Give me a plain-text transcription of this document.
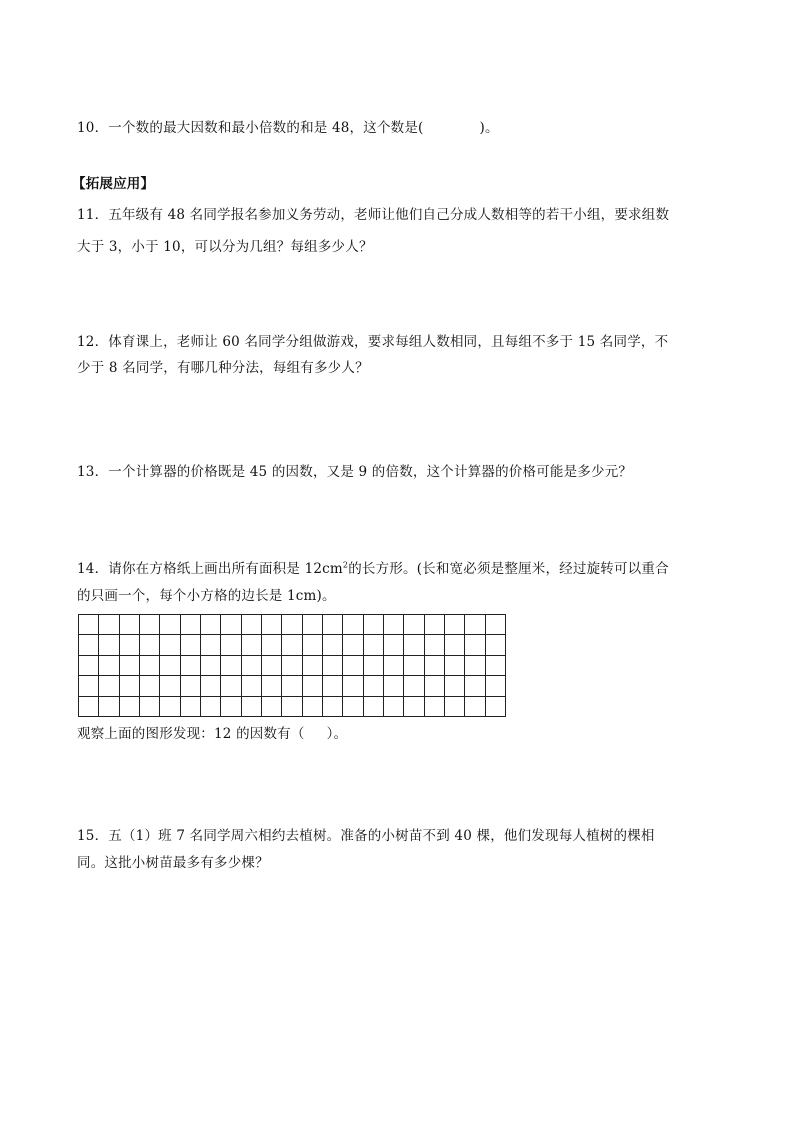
10．一个数的最大因数和最小倍数的和是 48，这个数是(	)。
【拓展应用】
11．五年级有 48 名同学报名参加义务劳动，老师让他们自己分成人数相等的若干小组，要求组数
大于 3，小于 10，可以分为几组？每组多少人？
12．体育课上，老师让 60 名同学分组做游戏，要求每组人数相同，且每组不多于 15 名同学，不
少于 8 名同学，有哪几种分法，每组有多少人？
13．一个计算器的价格既是 45 的因数，又是 9 的倍数，这个计算器的价格可能是多少元？
14．请你在方格纸上画出所有面积是 $12cm^2$的长方形。(长和宽必须是整厘米，经过旋转可以重合
的只画一个，每个小方格的边长是 1cm)。
观察上面的图形发现：12 的因数有（ ）。
15．五（1）班 7 名同学周六相约去植树。准备的小树苗不到 40 棵，他们发现每人植树的棵相
同。这批小树苗最多有多少棵？
